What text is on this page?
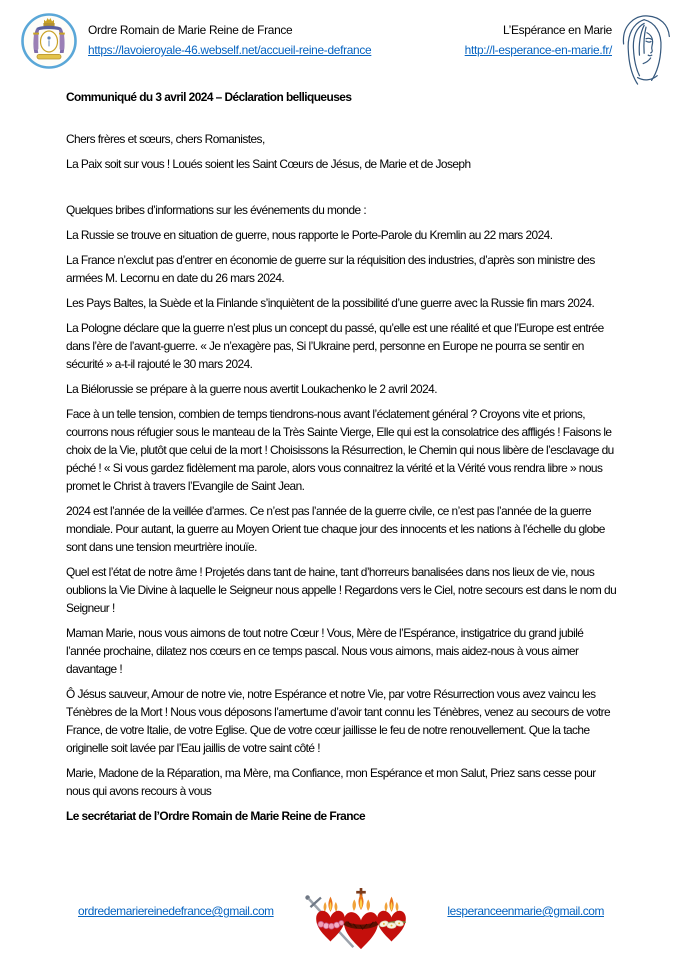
Ordre Romain de Marie Reine de France
https://lavoieroyale-46.webself.net/accueil-reine-defrance
L’Espérance en Marie
http://l-esperance-en-marie.fr/

Communiqué du 3 avril 2024 – Déclaration belliqueuses

Chers frères et sœurs, chers Romanistes,

La Paix soit sur vous ! Loués soient les Saint Cœurs de Jésus, de Marie et de Joseph

Quelques bribes d’informations sur les événements du monde :

La Russie se trouve en situation de guerre, nous rapporte le Porte-Parole du Kremlin au 22 mars 2024.

La France n’exclut pas d’entrer en économie de guerre sur la réquisition des industries, d’après son ministre des armées M. Lecornu en date du 26 mars 2024.

Les Pays Baltes, la Suède et la Finlande s’inquiètent de la possibilité d’une guerre avec la Russie fin mars 2024.

La Pologne déclare que la guerre n’est plus un concept du passé, qu’elle est une réalité et que l’Europe est entrée dans l’ère de l’avant-guerre. « Je n’exagère pas, Si l’Ukraine perd, personne en Europe ne pourra se sentir en sécurité » a-t-il rajouté le 30 mars 2024.

La Biélorussie se prépare à la guerre nous avertit Loukachenko le 2 avril 2024.

Face à un telle tension, combien de temps tiendrons-nous avant l’éclatement général ? Croyons vite et prions, courrons nous réfugier sous le manteau de la Très Sainte Vierge, Elle qui est la consolatrice des affligés ! Faisons le choix de la Vie, plutôt que celui de la mort ! Choisissons la Résurrection, le Chemin qui nous libère de l’esclavage du péché ! « Si vous gardez fidèlement ma parole, alors vous connaitrez la vérité et la Vérité vous rendra libre » nous promet le Christ à travers l’Evangile de Saint Jean.

2024 est l’année de la veillée d’armes. Ce n’est pas l’année de la guerre civile, ce n’est pas l’année de la guerre mondiale. Pour autant, la guerre au Moyen Orient tue chaque jour des innocents et les nations à l’échelle du globe sont dans une tension meurtrière inouïe.

Quel est l’état de notre âme ! Projetés dans tant de haine, tant d’horreurs banalisées dans nos lieux de vie, nous oublions la Vie Divine à laquelle le Seigneur nous appelle ! Regardons vers le Ciel, notre secours est dans le nom du Seigneur !

Maman Marie, nous vous aimons de tout notre Cœur ! Vous, Mère de l’Espérance, instigatrice du grand jubilé l’année prochaine, dilatez nos cœurs en ce temps pascal. Nous vous aimons, mais aidez-nous à vous aimer davantage !

Ô Jésus sauveur, Amour de notre vie, notre Espérance et notre Vie, par votre Résurrection vous avez vaincu les Ténèbres de la Mort ! Nous vous déposons l’amertume d’avoir tant connu les Ténèbres, venez au secours de votre France, de votre Italie, de votre Eglise. Que de votre cœur jaillisse le feu de notre renouvellement. Que la tache originelle soit lavée par l’Eau jaillis de votre saint côté !

Marie, Madone de la Réparation, ma Mère, ma Confiance, mon Espérance et mon Salut, Priez sans cesse pour nous qui avons recours à vous

Le secrétariat de l’Ordre Romain de Marie Reine de France

ordredemariereinedefrance@gmail.com	lesperanceenmarie@gmail.com
